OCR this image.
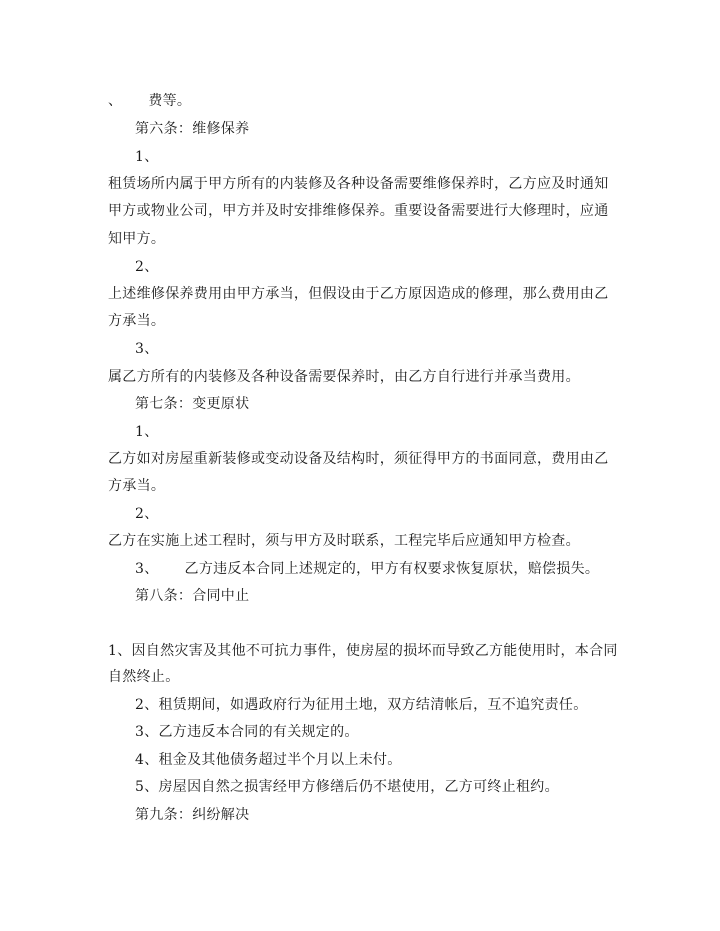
、 费等。
第六条：维修保养
1、
租赁场所内属于甲方所有的内装修及各种设备需要维修保养时，乙方应及时通知
甲方或物业公司，甲方并及时安排维修保养。重要设备需要进行大修理时，应通
知甲方。
2、
上述维修保养费用由甲方承当，但假设由于乙方原因造成的修理，那么费用由乙
方承当。
3、
属乙方所有的内装修及各种设备需要保养时，由乙方自行进行并承当费用。
第七条：变更原状
1、
乙方如对房屋重新装修或变动设备及结构时，须征得甲方的书面同意，费用由乙
方承当。
2、
乙方在实施上述工程时，须与甲方及时联系，工程完毕后应通知甲方检查。
3、 乙方违反本合同上述规定的，甲方有权要求恢复原状，赔偿损失。
第八条：合同中止
1、因自然灾害及其他不可抗力事件，使房屋的损坏而导致乙方能使用时，本合同
自然终止。
2、租赁期间，如遇政府行为征用土地，双方结清帐后，互不追究责任。
3、乙方违反本合同的有关规定的。
4、租金及其他债务超过半个月以上未付。
5、房屋因自然之损害经甲方修缮后仍不堪使用，乙方可终止租约。
第九条：纠纷解决
